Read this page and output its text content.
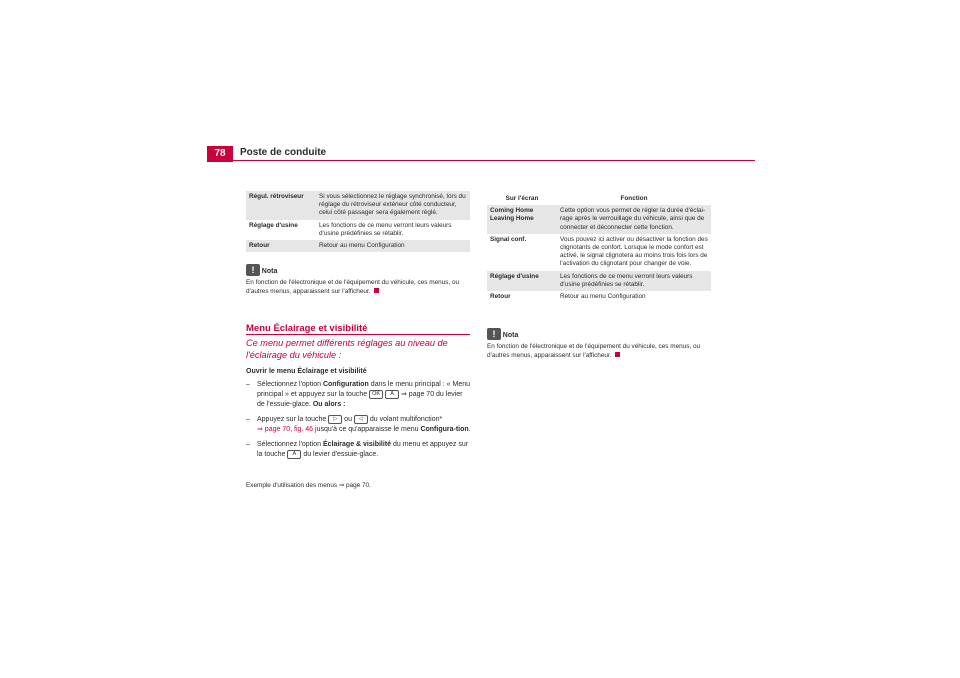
78	Poste de conduite
Régul. rétroviseur	Si vous sélectionnez le réglage synchronisé, lors du réglage du rétroviseur extérieur côté conducteur, celui côté passager sera également réglé.
Réglage d'usine	Les fonctions de ce menu verront leurs valeurs d'usine prédéfinies se rétablir.
Retour	Retour au menu Configuration
! Nota
En fonction de l'électronique et de l'équipement du véhicule, ces menus, ou d'autres menus, apparaissent sur l'afficheur.
Menu Éclairage et visibilité
Ce menu permet différents réglages au niveau de l'éclairage du véhicule :
Ouvrir le menu Éclairage et visibilité
– Sélectionnez l'option Configuration dans le menu principal : « Menu principal » et appuyez sur la touche OK A ⇒ page 70 du levier de l'essuie-glace. Ou alors :
– Appuyez sur la touche ▷ ou ◁ du volant multifonction*
⇒ page 70, fig. 46 jusqu'à ce qu'apparaisse le menu Configura-tion.
– Sélectionnez l'option Éclairage & visibilité du menu et appuyez sur la touche A du levier d'essuie-glace.
Exemple d'utilisation des menus ⇒ page 70.
Sur l'écran	Fonction
Coming Home Leaving Home	Cette option vous permet de régler la durée d'éclai-rage après le verrouillage du véhicule, ainsi que de connecter et déconnecter cette fonction.
Signal conf.	Vous pouvez ici activer ou désactiver la fonction des clignotants de confort. Lorsque le mode confort est activé, le signal clignotera au moins trois fois lors de l'activation du clignotant pour changer de voie.
Réglage d'usine	Les fonctions de ce menu verront leurs valeurs d'usine prédéfinies se rétablir.
Retour	Retour au menu Configuration
! Nota
En fonction de l'électronique et de l'équipement du véhicule, ces menus, ou d'autres menus, apparaissent sur l'afficheur.
